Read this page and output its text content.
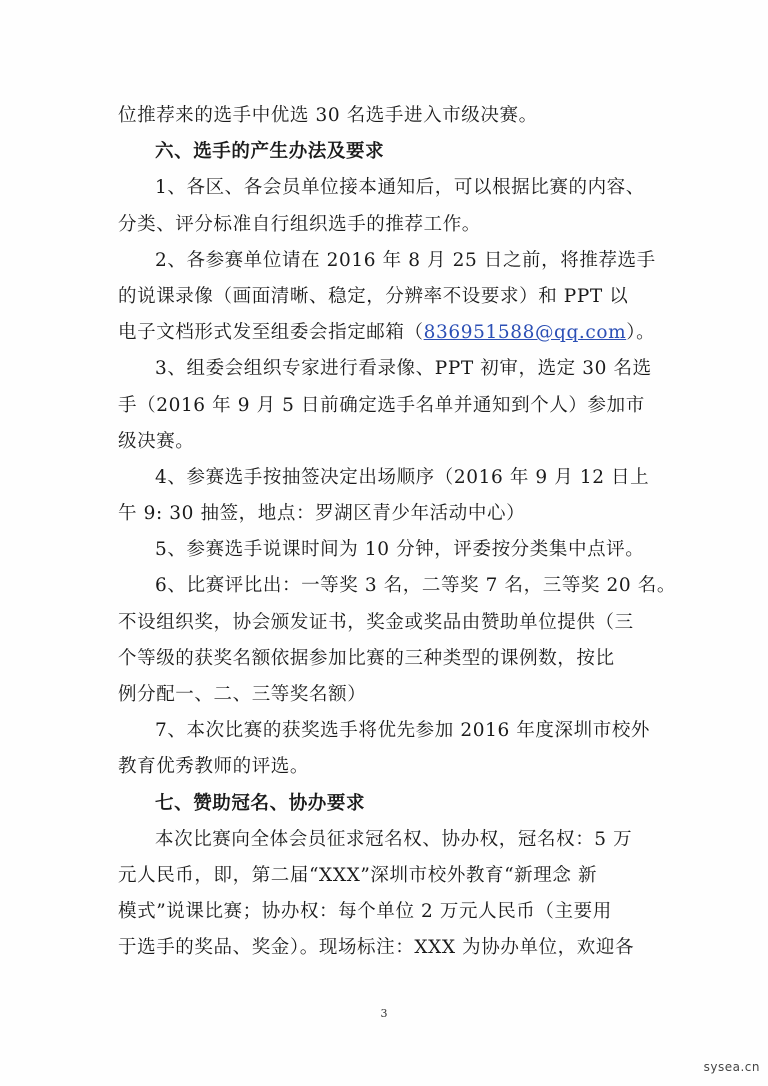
位推荐来的选手中优选 30 名选手进入市级决赛。
六、选手的产生办法及要求
1、各区、各会员单位接本通知后，可以根据比赛的内容、
分类、评分标准自行组织选手的推荐工作。
2、各参赛单位请在 2016 年 8 月 25 日之前，将推荐选手
的说课录像（画面清晰、稳定，分辨率不设要求）和 PPT 以
电子文档形式发至组委会指定邮箱（836951588@qq.com）。
3、组委会组织专家进行看录像、PPT 初审，选定 30 名选
手（2016 年 9 月 5 日前确定选手名单并通知到个人）参加市
级决赛。
4、参赛选手按抽签决定出场顺序（2016 年 9 月 12 日上
午 9: 30 抽签，地点：罗湖区青少年活动中心）
5、参赛选手说课时间为 10 分钟，评委按分类集中点评。
6、比赛评比出：一等奖 3 名，二等奖 7 名，三等奖 20 名。
不设组织奖，协会颁发证书，奖金或奖品由赞助单位提供（三
个等级的获奖名额依据参加比赛的三种类型的课例数，按比
例分配一、二、三等奖名额）
7、本次比赛的获奖选手将优先参加 2016 年度深圳市校外
教育优秀教师的评选。
七、赞助冠名、协办要求
本次比赛向全体会员征求冠名权、协办权，冠名权：5 万
元人民币，即，第二届“XXX”深圳市校外教育“新理念 新
模式”说课比赛；协办权：每个单位 2 万元人民币（主要用
于选手的奖品、奖金）。现场标注：XXX 为协办单位，欢迎各
3
sysea.cn
